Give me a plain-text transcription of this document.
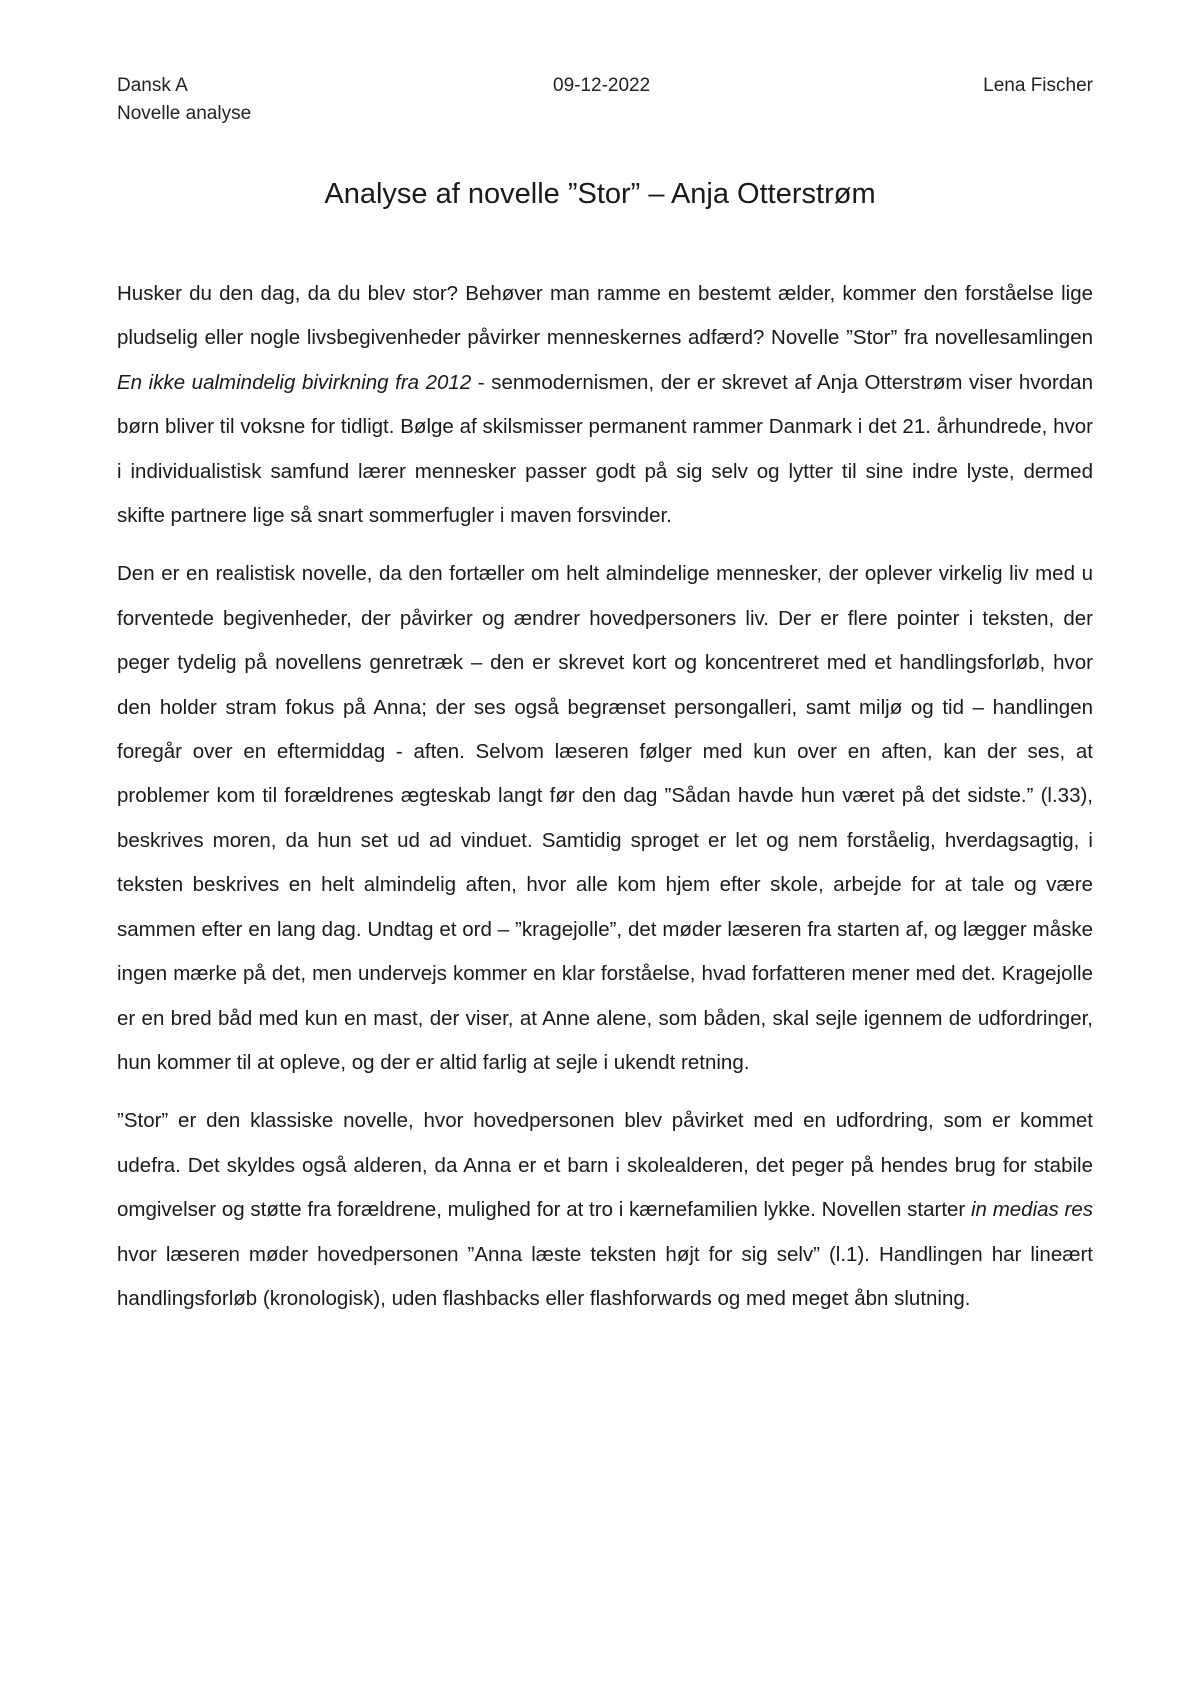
Dansk A	Lena Fischer
09-12-2022
Novelle analyse
Analyse af novelle ”Stor” – Anja Otterstrøm

Husker du den dag, da du blev stor? Behøver man ramme en bestemt ælder, kommer den forståelse lige pludselig eller nogle livsbegivenheder påvirker menneskernes adfærd? Novelle ”Stor” fra novellesamlingen En ikke ualmindelig bivirkning fra 2012 - senmodernismen, der er skrevet af Anja Otterstrøm viser hvordan børn bliver til voksne for tidligt. Bølge af skilsmisser permanent rammer Danmark i det 21. århundrede, hvor i individualistisk samfund lærer mennesker passer godt på sig selv og lytter til sine indre lyste, dermed skifte partnere lige så snart sommerfugler i maven forsvinder.

Den er en realistisk novelle, da den fortæller om helt almindelige mennesker, der oplever virkelig liv med u forventede begivenheder, der påvirker og ændrer hovedpersoners liv. Der er flere pointer i teksten, der peger tydelig på novellens genretræk – den er skrevet kort og koncentreret med et handlingsforløb, hvor den holder stram fokus på Anna; der ses også begrænset persongalleri, samt miljø og tid – handlingen foregår over en eftermiddag - aften. Selvom læseren følger med kun over en aften, kan der ses, at problemer kom til forældrenes ægteskab langt før den dag ”Sådan havde hun været på det sidste.” (l.33), beskrives moren, da hun set ud ad vinduet. Samtidig sproget er let og nem forståelig, hverdagsagtig, i teksten beskrives en helt almindelig aften, hvor alle kom hjem efter skole, arbejde for at tale og være sammen efter en lang dag. Undtag et ord – ”kragejolle”, det møder læseren fra starten af, og lægger måske ingen mærke på det, men undervejs kommer en klar forståelse, hvad forfatteren mener med det. Kragejolle er en bred båd med kun en mast, der viser, at Anne alene, som båden, skal sejle igennem de udfordringer, hun kommer til at opleve, og der er altid farlig at sejle i ukendt retning.

”Stor” er den klassiske novelle, hvor hovedpersonen blev påvirket med en udfordring, som er kommet udefra. Det skyldes også alderen, da Anna er et barn i skolealderen, det peger på hendes brug for stabile omgivelser og støtte fra forældrene, mulighed for at tro i kærnefamilien lykke. Novellen starter in medias res hvor læseren møder hovedpersonen ”Anna læste teksten højt for sig selv” (l.1). Handlingen har lineært handlingsforløb (kronologisk), uden flashbacks eller flashforwards og med meget åbn slutning.
